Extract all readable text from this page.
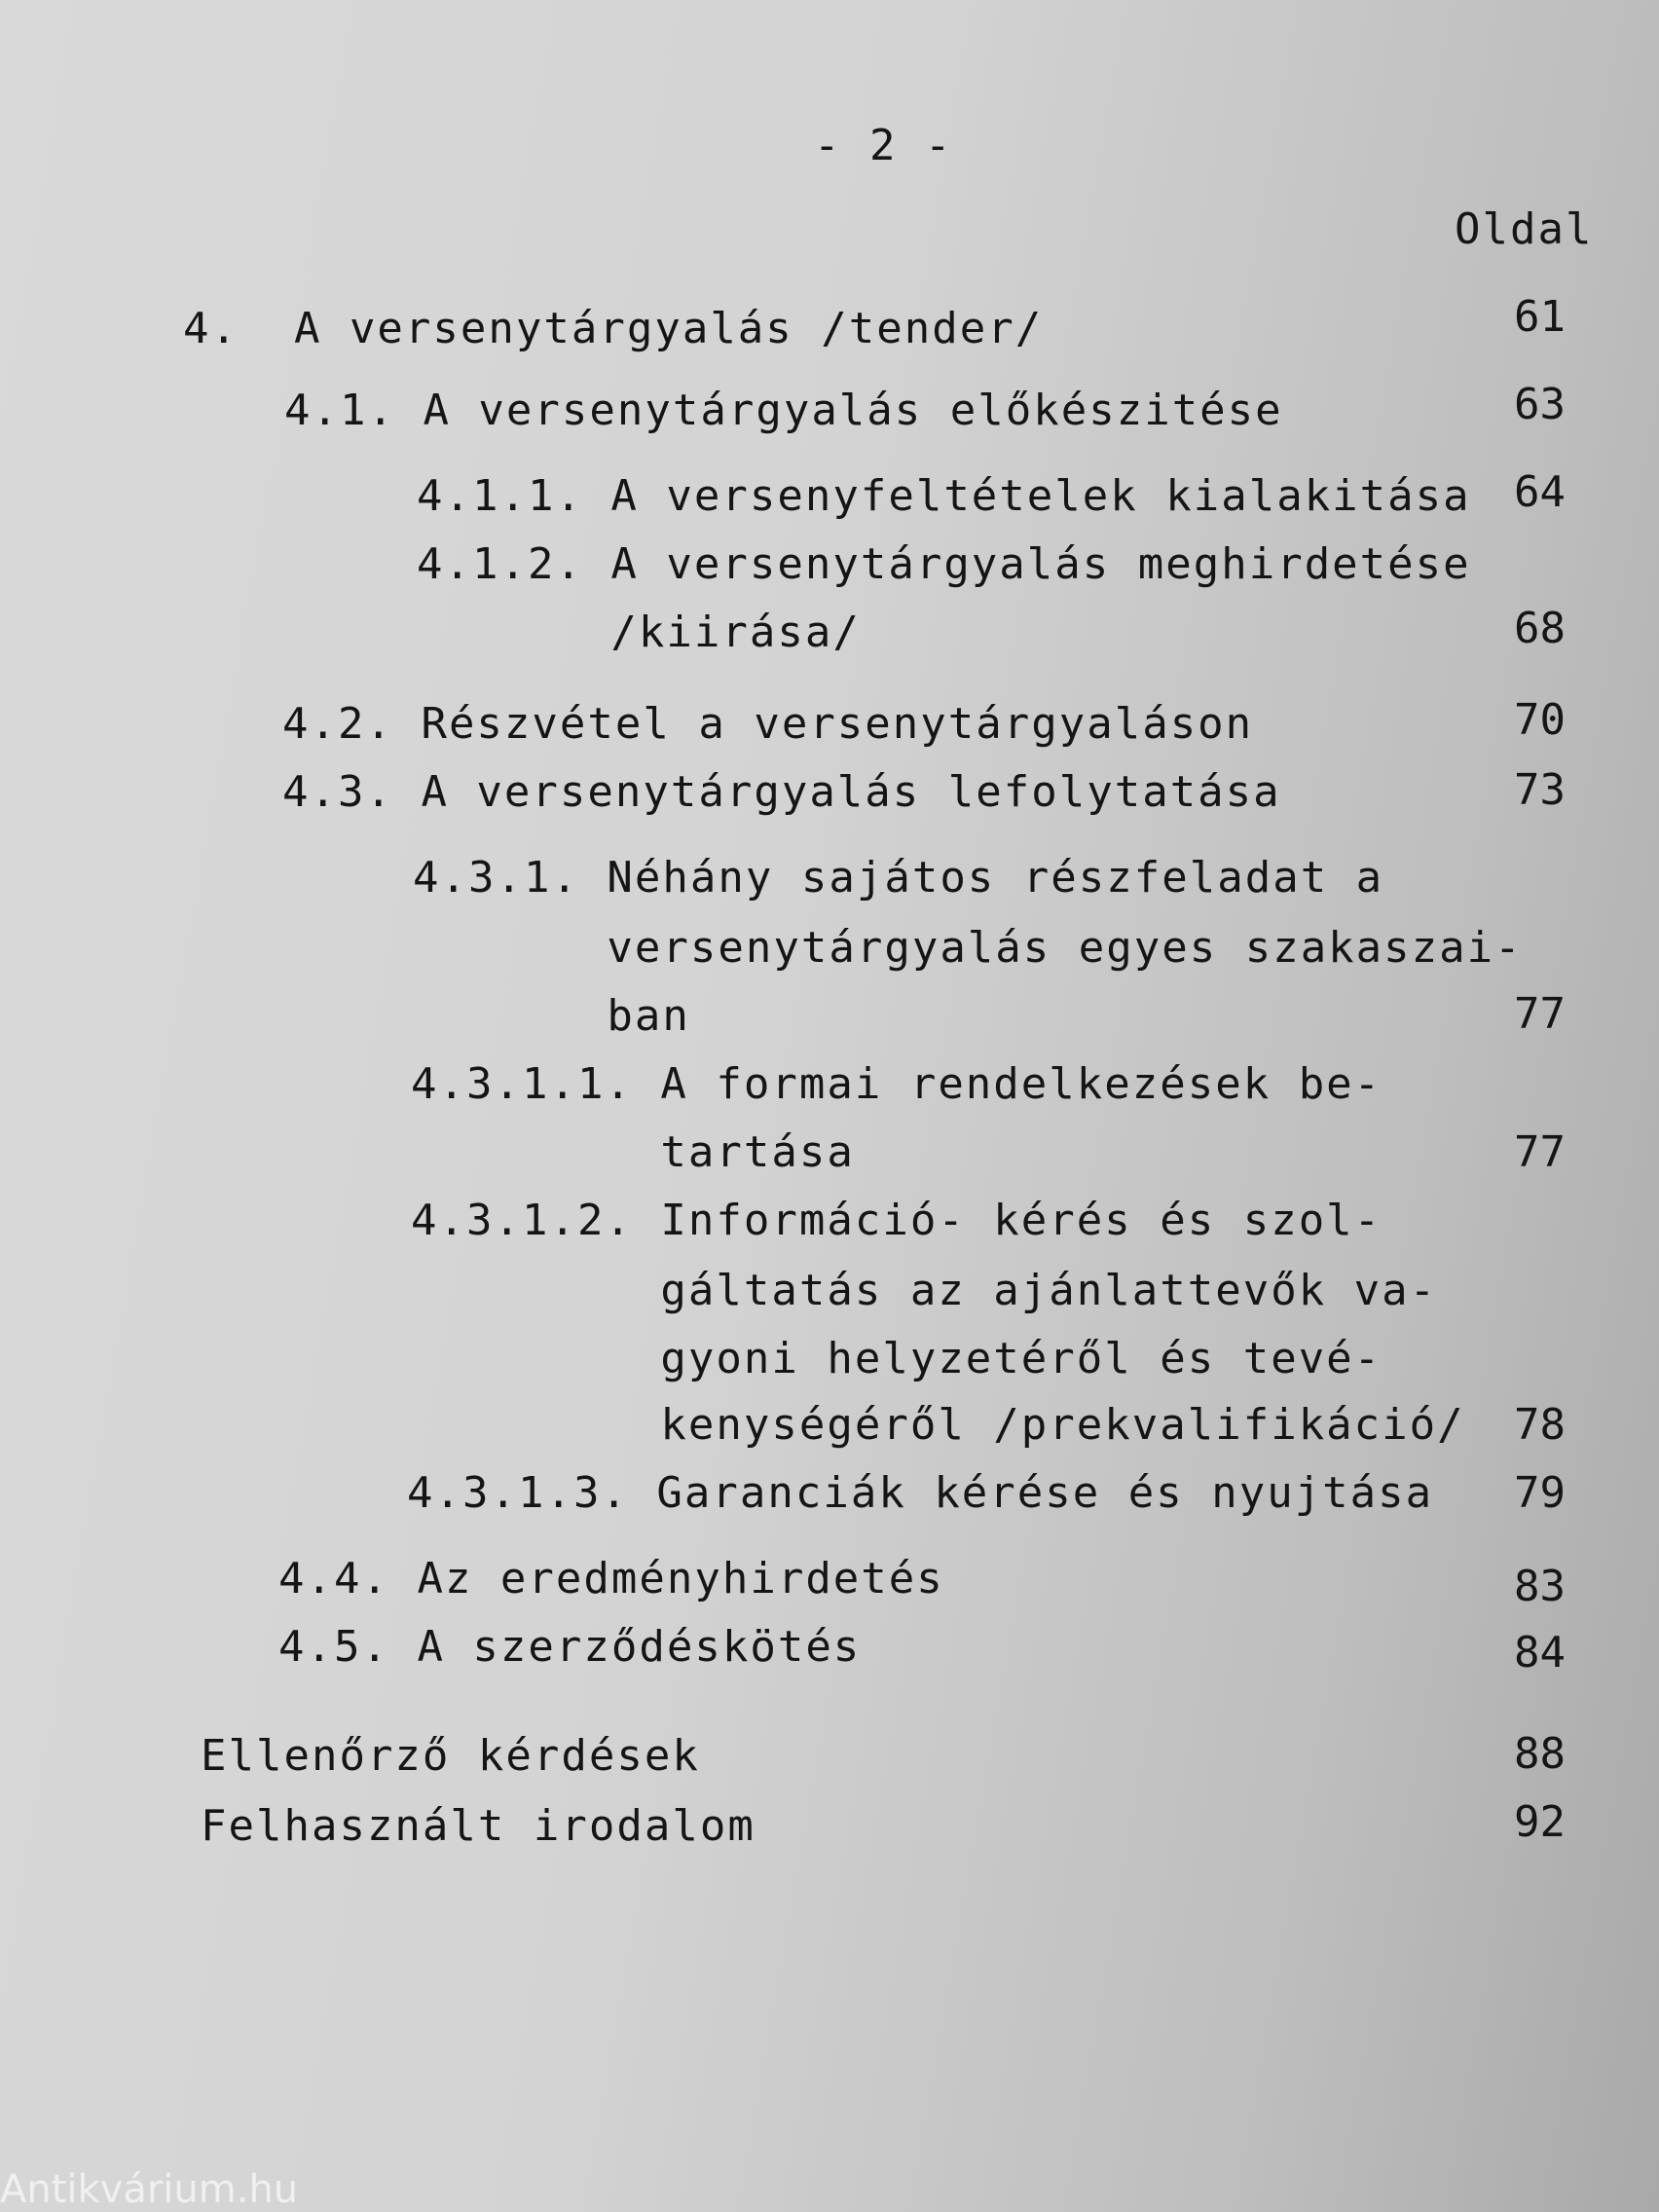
- 2 -
Oldal
4.  A versenytárgyalás /tender/	61
4.1. A versenytárgyalás előkészitése	63
4.1.1. A versenyfeltételek kialakitása	64
4.1.2. A versenytárgyalás meghirdetése
/kiirása/	68
4.2. Részvétel a versenytárgyaláson	70
4.3. A versenytárgyalás lefolytatása	73
4.3.1. Néhány sajátos részfeladat a
versenytárgyalás egyes szakaszai-
ban	77
4.3.1.1. A formai rendelkezések be-
tartása	77
4.3.1.2. Információ- kérés és szol-
gáltatás az ajánlattevők va-
gyoni helyzetéről és tevé-
kenységéről /prekvalifikáció/	78
4.3.1.3. Garanciák kérése és nyujtása	79
4.4. Az eredményhirdetés	83
4.5. A szerződéskötés	84
Ellenőrző kérdések	88
Felhasznált irodalom	92
Antikvárium.hu
